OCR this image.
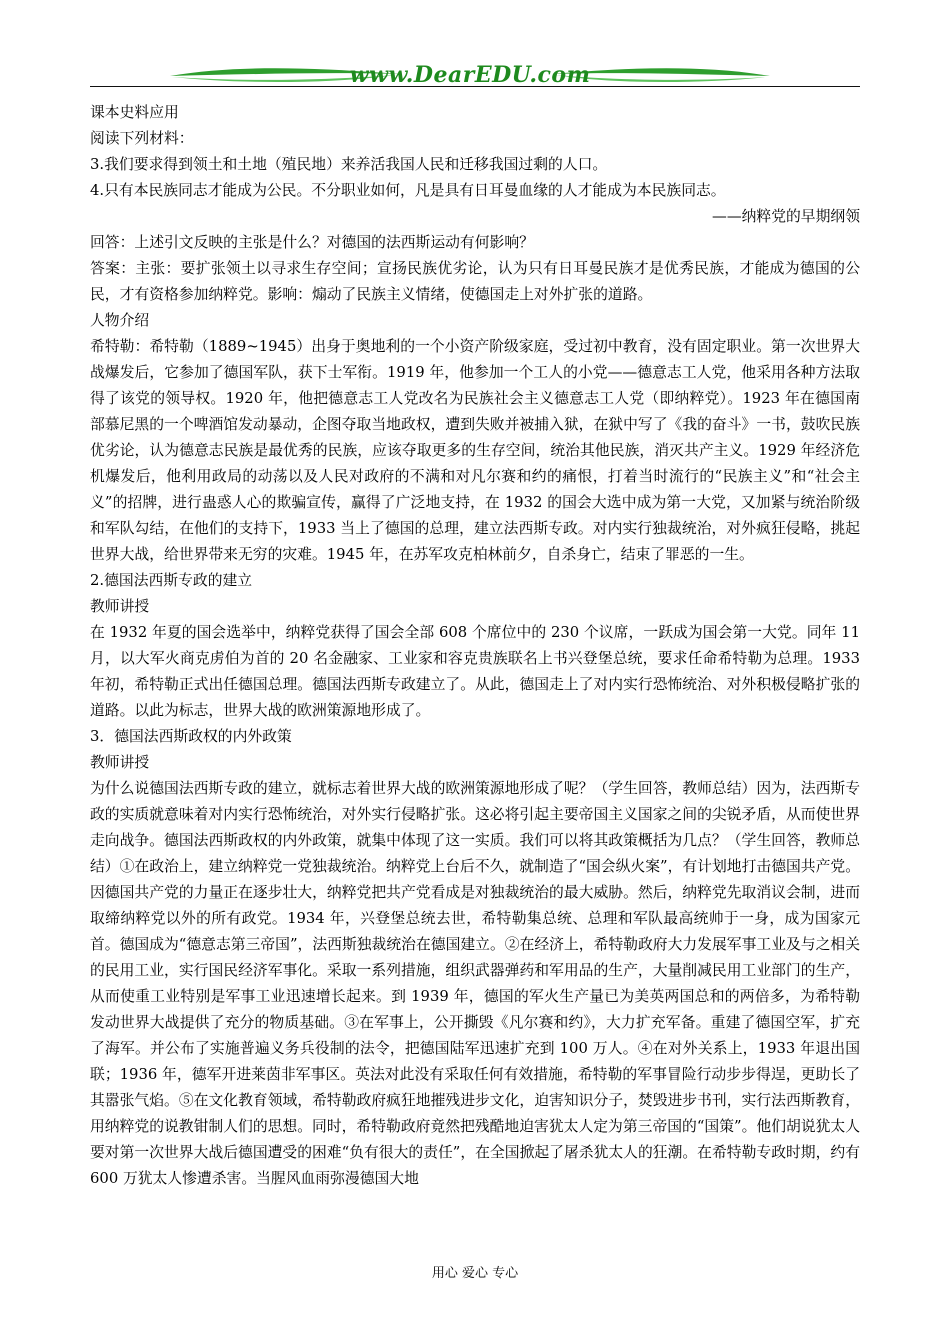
www.DearEDU.com

课本史料应用

阅读下列材料：

3.我们要求得到领土和土地（殖民地）来养活我国人民和迁移我国过剩的人口。

4.只有本民族同志才能成为公民。不分职业如何，凡是具有日耳曼血缘的人才能成为本民族同志。

——纳粹党的早期纲领

回答：上述引文反映的主张是什么？对德国的法西斯运动有何影响？

答案：主张：要扩张领土以寻求生存空间；宣扬民族优劣论，认为只有日耳曼民族才是优秀民族，才能成为德国的公民，才有资格参加纳粹党。影响：煽动了民族主义情绪，使德国走上对外扩张的道路。

人物介绍

希特勒：希特勒（1889~1945）出身于奥地利的一个小资产阶级家庭，受过初中教育，没有固定职业。第一次世界大战爆发后，它参加了德国军队，获下士军衔。1919 年，他参加一个工人的小党——德意志工人党，他采用各种方法取得了该党的领导权。1920 年，他把德意志工人党改名为民族社会主义德意志工人党（即纳粹党）。1923 年在德国南部慕尼黑的一个啤酒馆发动暴动，企图夺取当地政权，遭到失败并被捕入狱，在狱中写了《我的奋斗》一书，鼓吹民族优劣论，认为德意志民族是最优秀的民族，应该夺取更多的生存空间，统治其他民族，消灭共产主义。1929 年经济危机爆发后，他利用政局的动荡以及人民对政府的不满和对凡尔赛和约的痛恨，打着当时流行的“民族主义”和“社会主义”的招牌，进行蛊惑人心的欺骗宣传，赢得了广泛地支持，在 1932 的国会大选中成为第一大党，又加紧与统治阶级和军队勾结，在他们的支持下，1933 当上了德国的总理，建立法西斯专政。对内实行独裁统治，对外疯狂侵略，挑起世界大战，给世界带来无穷的灾难。1945 年，在苏军攻克柏林前夕，自杀身亡，结束了罪恶的一生。

2.德国法西斯专政的建立

教师讲授

在 1932 年夏的国会选举中，纳粹党获得了国会全部 608 个席位中的 230 个议席，一跃成为国会第一大党。同年 11 月，以大军火商克虏伯为首的 20 名金融家、工业家和容克贵族联名上书兴登堡总统，要求任命希特勒为总理。1933 年初，希特勒正式出任德国总理。德国法西斯专政建立了。从此，德国走上了对内实行恐怖统治、对外积极侵略扩张的道路。以此为标志，世界大战的欧洲策源地形成了。

3．德国法西斯政权的内外政策

教师讲授

为什么说德国法西斯专政的建立，就标志着世界大战的欧洲策源地形成了呢？（学生回答，教师总结）因为，法西斯专政的实质就意味着对内实行恐怖统治，对外实行侵略扩张。这必将引起主要帝国主义国家之间的尖锐矛盾，从而使世界走向战争。德国法西斯政权的内外政策，就集中体现了这一实质。我们可以将其政策概括为几点？（学生回答，教师总结）①在政治上，建立纳粹党一党独裁统治。纳粹党上台后不久，就制造了“国会纵火案”，有计划地打击德国共产党。因德国共产党的力量正在逐步壮大，纳粹党把共产党看成是对独裁统治的最大威胁。然后，纳粹党先取消议会制，进而取缔纳粹党以外的所有政党。1934 年，兴登堡总统去世，希特勒集总统、总理和军队最高统帅于一身，成为国家元首。德国成为“德意志第三帝国”，法西斯独裁统治在德国建立。②在经济上，希特勒政府大力发展军事工业及与之相关的民用工业，实行国民经济军事化。采取一系列措施，组织武器弹药和军用品的生产，大量削减民用工业部门的生产，从而使重工业特别是军事工业迅速增长起来。到 1939 年，德国的军火生产量已为美英两国总和的两倍多，为希特勒发动世界大战提供了充分的物质基础。③在军事上，公开撕毁《凡尔赛和约》，大力扩充军备。重建了德国空军，扩充了海军。并公布了实施普遍义务兵役制的法令，把德国陆军迅速扩充到 100 万人。④在对外关系上，1933 年退出国联；1936 年，德军开进莱茵非军事区。英法对此没有采取任何有效措施，希特勒的军事冒险行动步步得逞，更助长了其嚣张气焰。⑤在文化教育领域，希特勒政府疯狂地摧残进步文化，迫害知识分子，焚毁进步书刊，实行法西斯教育，用纳粹党的说教钳制人们的思想。同时，希特勒政府竟然把残酷地迫害犹太人定为第三帝国的“国策”。他们胡说犹太人要对第一次世界大战后德国遭受的困难“负有很大的责任”，在全国掀起了屠杀犹太人的狂潮。在希特勒专政时期，约有 600 万犹太人惨遭杀害。当腥风血雨弥漫德国大地

用心 爱心 专心
